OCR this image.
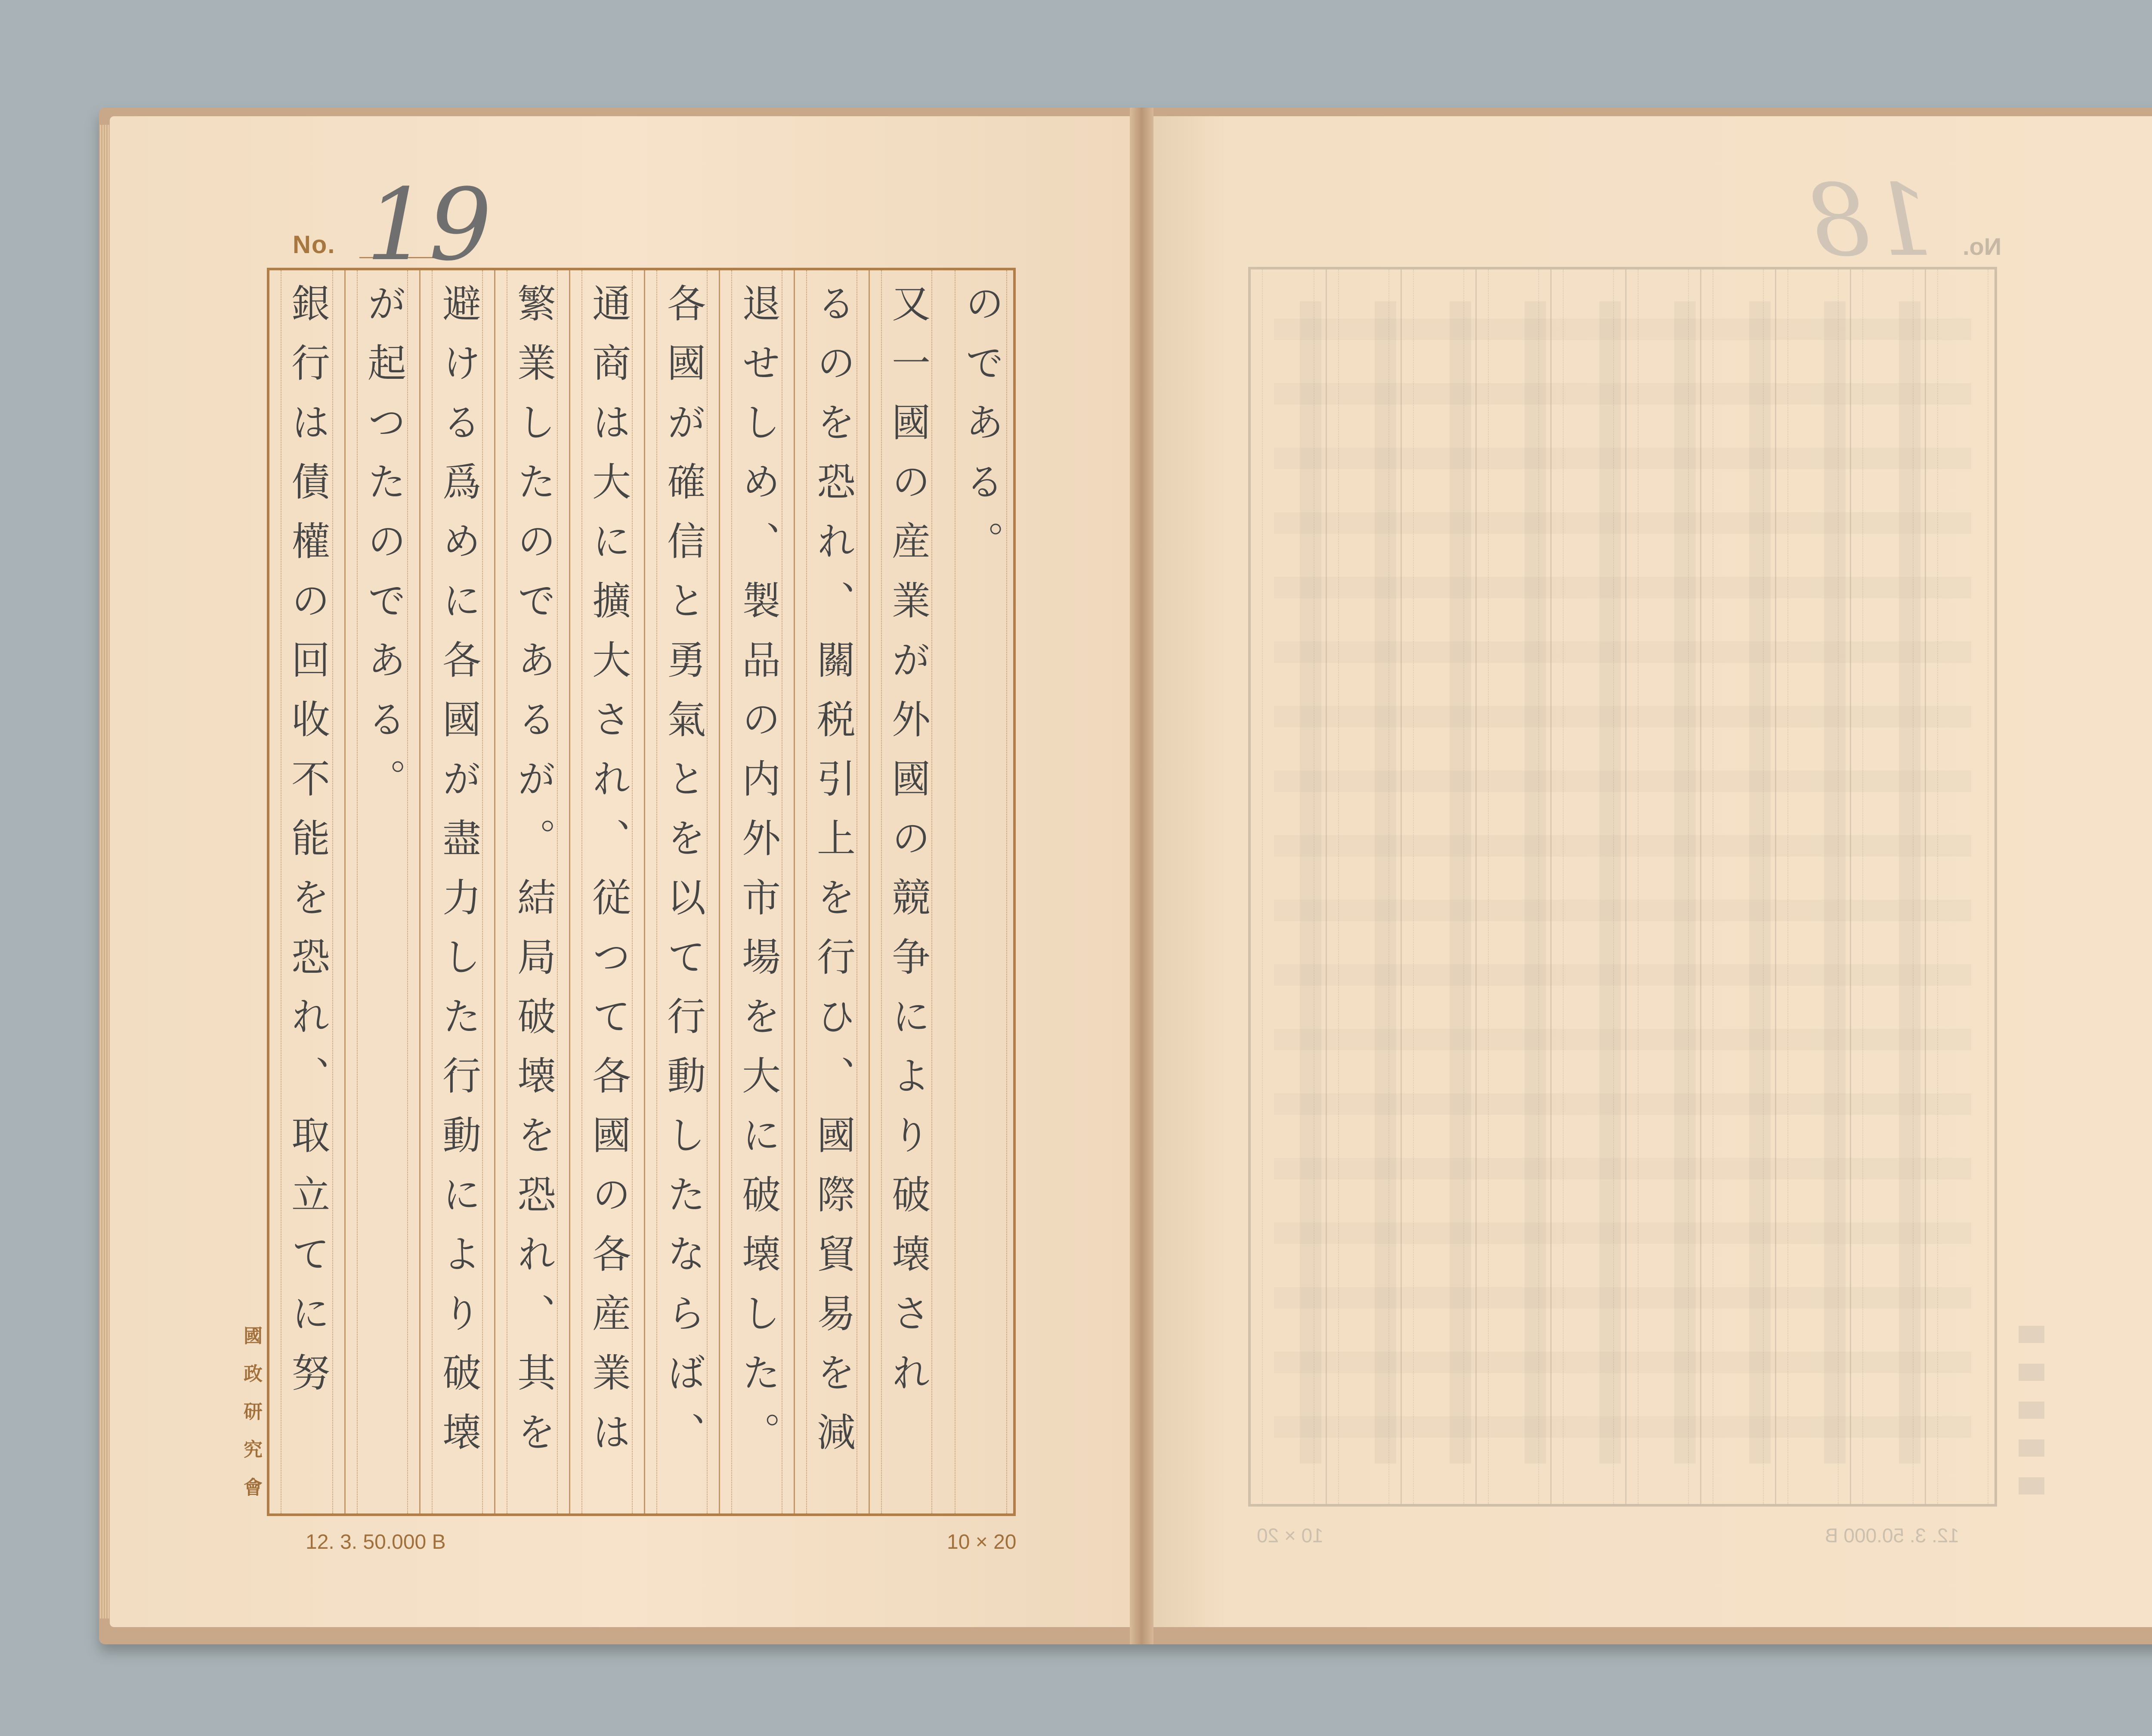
No. 19
のである。
又一國の産業が外國の競争により破壊され
るのを恐れ、關税引上を行ひ、國際貿易を減
退せしめ、製品の内外市場を大に破壊した。
各國が確信と勇氣とを以て行動したならば、
通商は大に擴大され、従つて各國の各産業は
繁業したのであるが。結局破壊を恐れ、其を
避ける爲めに各國が盡力した行動により破壊
が起つたのである。
銀行は債權の回收不能を恐れ、取立てに努
國政研究會
12. 3. 50.000 B	10 × 20
18 No.
12. 3. 50.000 B
10 × 20
